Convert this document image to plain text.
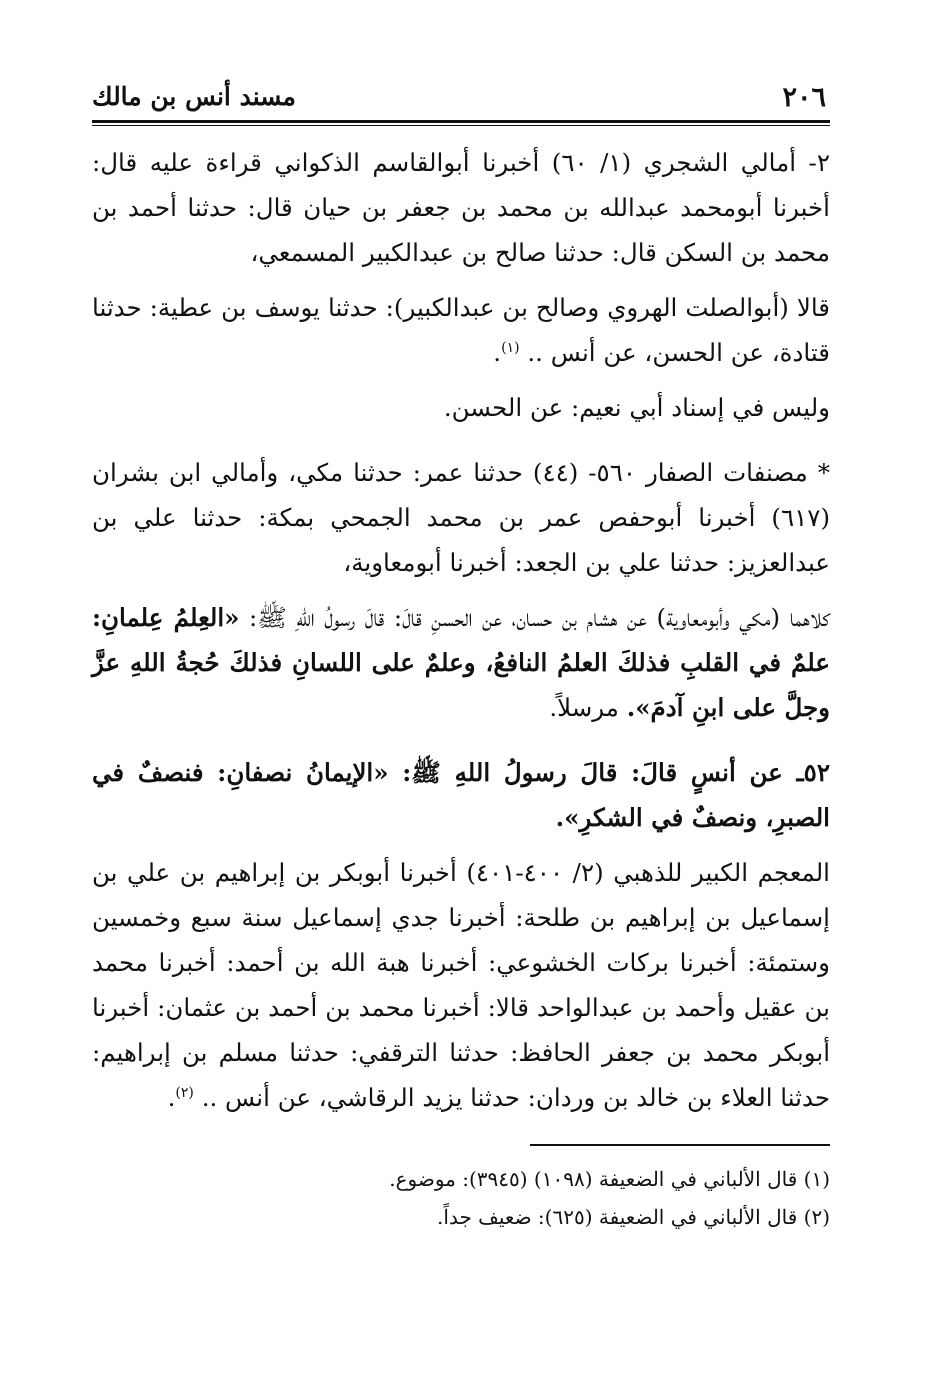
٢٠٦
مسند أنس بن مالك

٢- أمالي الشجري (١/ ٦٠) أخبرنا أبوالقاسم الذكواني قراءة عليه قال: أخبرنا أبومحمد عبدالله بن محمد بن جعفر بن حيان قال: حدثنا أحمد بن محمد بن السكن قال: حدثنا صالح بن عبدالكبير المسمعي،

قالا (أبوالصلت الهروي وصالح بن عبدالكبير): حدثنا يوسف بن عطية: حدثنا قتادة، عن الحسن، عن أنس .. $^{(١)}$.

وليس في إسناد أبي نعيم: عن الحسن.

* مصنفات الصفار ٥٦٠- (٤٤) حدثنا عمر: حدثنا مكي، وأمالي ابن بشران (٦١٧) أخبرنا أبوحفص عمر بن محمد الجمحي بمكة: حدثنا علي بن عبدالعزيز: حدثنا علي بن الجعد: أخبرنا أبومعاوية،

كلاهما (مكي وأبومعاوية) عن هشام بن حسان، عن الحسنِ قالَ: قالَ رسولُ اللهِ ﷺ: «العِلمُ عِلمانِ: علمٌ في القلبِ فذلكَ العلمُ النافعُ، وعلمٌ على اللسانِ فذلكَ حُجةُ اللهِ عزَّ وجلَّ على ابنِ آدمَ». مرسلاً.

٥٢ـ عن أنسٍ قالَ: قالَ رسولُ اللهِ ﷺ: «الإيمانُ نصفانِ: فنصفٌ في الصبرِ، ونصفٌ في الشكرِ».

المعجم الكبير للذهبي (٢/ ٤٠٠-٤٠١) أخبرنا أبوبكر بن إبراهيم بن علي بن إسماعيل بن إبراهيم بن طلحة: أخبرنا جدي إسماعيل سنة سبع وخمسين وستمئة: أخبرنا بركات الخشوعي: أخبرنا هبة الله بن أحمد: أخبرنا محمد بن عقيل وأحمد بن عبدالواحد قالا: أخبرنا محمد بن أحمد بن عثمان: أخبرنا أبوبكر محمد بن جعفر الحافظ: حدثنا الترقفي: حدثنا مسلم بن إبراهيم: حدثنا العلاء بن خالد بن وردان: حدثنا يزيد الرقاشي، عن أنس .. $^{(٢)}$.

(١) قال الألباني في الضعيفة (١٠٩٨) (٣٩٤٥): موضوع.

(٢) قال الألباني في الضعيفة (٦٢٥): ضعيف جداً.
